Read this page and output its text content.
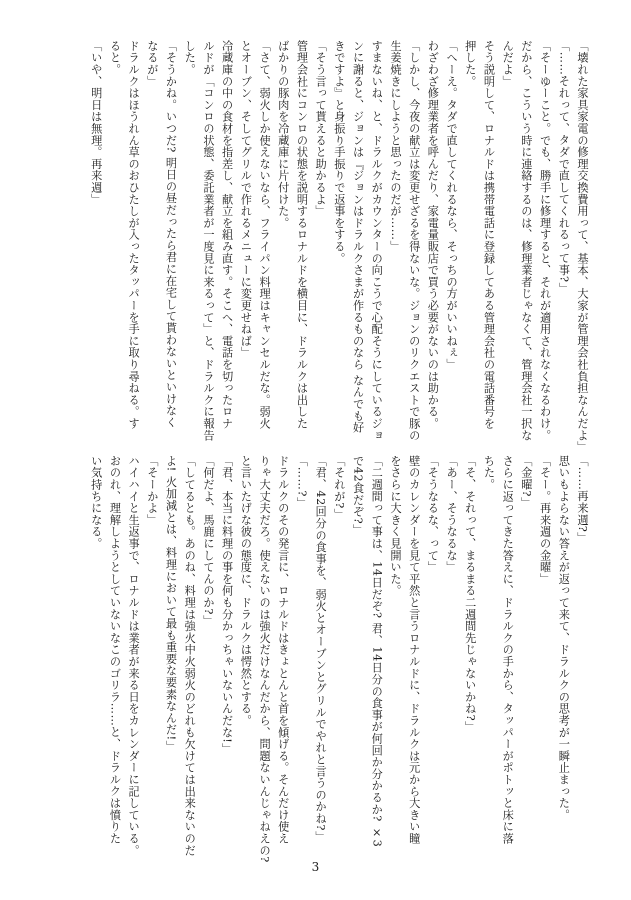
「壊れた家具家電の修理交換費用って、基本、大家が管理会社負担なんだよ」
「……それって、タダで直してくれるって事?」
「そーゆーこと。でも、勝手に修理すると、それが適用されなくなるわけ。
だから、こういう時に連絡するのは、修理業者じゃなくて、管理会社一択な
んだよ」
そう説明して、ロナルドは携帯電話に登録してある管理会社の電話番号を
押した。
「へーえ。タダで直してくれるなら、そっちの方がいいねぇ」
わざわざ修理業者を呼んだり、家電量販店で買う必要がないのは助かる。
「しかし、今夜の献立は変更せざるを得ないな。ジョンのリクエストで豚の
生姜焼きにしようと思ったのだが……」
すまないね、と、ドラルクがカウンターの向こうで心配そうにしているジョ
ンに謝ると、ジョンは『ジョンはドラルクさまが作るものなら なんでも好
きですよ』と身振り手振りで返事をする。
「そう言って貰えると助かるよ」
管理会社にコンロの状態を説明するロナルドを横目に、ドラルクは出した
ばかりの豚肉を冷蔵庫に片付けた。
「さて、弱火しか使えないなら、フライパン料理はキャンセルだな。弱火
とオーブン、そしてグリルで作れるメニューに変更せねば」
冷蔵庫の中の食材を指差し、献立を組み直す。そこへ、電話を切ったロナ
ルドが「コンロの状態、委託業者が一度見に来るって」と、ドラルクに報告
した。
「そうかね。いつだ? 明日の昼だったら君に在宅して貰わないといけなく
なるが」
ドラルクはほうれん草のおひたしが入ったタッパーを手に取り尋ねる。す
ると。
「いや、明日は無理。再来週」
「……再来週?」
思いもよらない答えが返って来て、ドラルクの思考が一瞬止まった。
「そー。再来週の金曜」
「金曜?」
さらに返ってきた答えに、ドラルクの手から、タッパーがポトッと床に落
ちた。
「そ、それって、まるまる二週間先じゃないかね?」
「あー、そうなるな」
「そうなるな、って」
壁のカレンダーを見て平然と言うロナルドに、ドラルクは元から大きい瞳
をさらに大きく見開いた。
「二週間って事は、14日だぞ? 君、14日分の食事が何回か分かるか? ×3
で42食だぞ?」
「それが?」
「君、42回分の食事を、弱火とオーブンとグリルでやれと言うのかね?」
「……?」
ドラルクのその発言に、ロナルドはきょとんと首を傾げる。そんだけ使え
りゃ大丈夫だろ。使えないのは強火だけなんだから、問題ないんじゃねえの?
と言いたげな彼の態度に、ドラルクは愕然とする。
「君、本当に料理の事を何も分かっちゃいないんだな!」
「何だよ、馬鹿にしてんのか?」
「してるとも。あのね、料理は強火中火弱火のどれも欠けては出来ないのだ
よ! 火加減とは、料理において最も重要な要素なんだ!」
「そーかよ」
ハイハイと生返事で、ロナルドは業者が来る日をカレンダーに記している。
おのれ、理解しようとしていないなこのゴリラ……と、ドラルクは憤りた
い気持ちになる。
3
